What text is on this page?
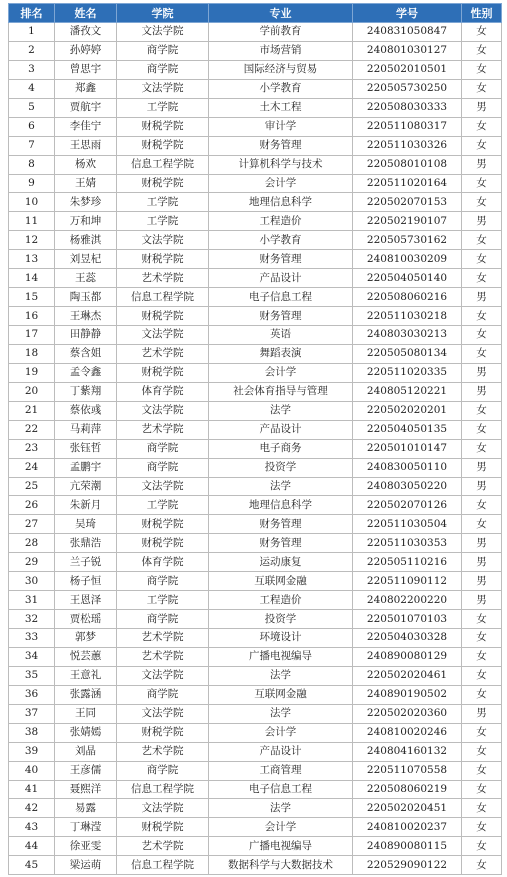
排名	姓名	学院	专业	学号	性别
1	潘孜文	文法学院	学前教育	240831050847	女
2	孙婷婷	商学院	市场营销	240801030127	女
3	曾思宇	商学院	国际经济与贸易	220502010501	女
4	郑鑫	文法学院	小学教育	220505730250	女
5	贾航宇	工学院	土木工程	220508030333	男
6	李佳宁	财税学院	审计学	220511080317	女
7	王思雨	财税学院	财务管理	220511030326	女
8	杨欢	信息工程学院	计算机科学与技术	220508010108	男
9	王婧	财税学院	会计学	220511020164	女
10	朱梦珍	工学院	地理信息科学	220502070153	女
11	万和坤	工学院	工程造价	220502190107	男
12	杨雅淇	文法学院	小学教育	220505730162	女
13	刘昱杞	财税学院	财务管理	240810030209	女
14	王蕊	艺术学院	产品设计	220504050140	女
15	陶玉都	信息工程学院	电子信息工程	220508060216	男
16	王琳杰	财税学院	财务管理	220511030218	女
17	田静静	文法学院	英语	240803030213	女
18	蔡含姐	艺术学院	舞蹈表演	220505080134	女
19	孟令鑫	财税学院	会计学	220511020335	男
20	丁紫翔	体育学院	社会体育指导与管理	240805120221	男
21	蔡依彧	文法学院	法学	220502020201	女
22	马莉萍	艺术学院	产品设计	220504050135	女
23	张钰哲	商学院	电子商务	220501010147	女
24	孟鹏宇	商学院	投资学	240830050110	男
25	亢荣潮	文法学院	法学	240803050220	男
26	朱新月	工学院	地理信息科学	220502070126	女
27	吴琦	财税学院	财务管理	220511030504	女
28	张鼎浩	财税学院	财务管理	220511030353	男
29	兰子锐	体育学院	运动康复	220505110216	男
30	杨子恒	商学院	互联网金融	220511090112	男
31	王恩泽	工学院	工程造价	240802200220	男
32	贾松瑶	商学院	投资学	220501070103	女
33	郭梦	艺术学院	环境设计	220504030328	女
34	悦芸蕙	艺术学院	广播电视编导	240890080129	女
35	王意礼	文法学院	法学	220502020461	女
36	张露涵	商学院	互联网金融	240890190502	女
37	王同	文法学院	法学	220502020360	男
38	张婧嫣	财税学院	会计学	240810020246	女
39	刘晶	艺术学院	产品设计	240804160132	女
40	王彦儒	商学院	工商管理	220511070558	女
41	聂熙洋	信息工程学院	电子信息工程	220508060219	女
42	易露	文法学院	法学	220502020451	女
43	丁琳滢	财税学院	会计学	240810020237	女
44	徐亚雯	艺术学院	广播电视编导	240890080115	女
45	梁运萌	信息工程学院	数据科学与大数据技术	220529090122	女
